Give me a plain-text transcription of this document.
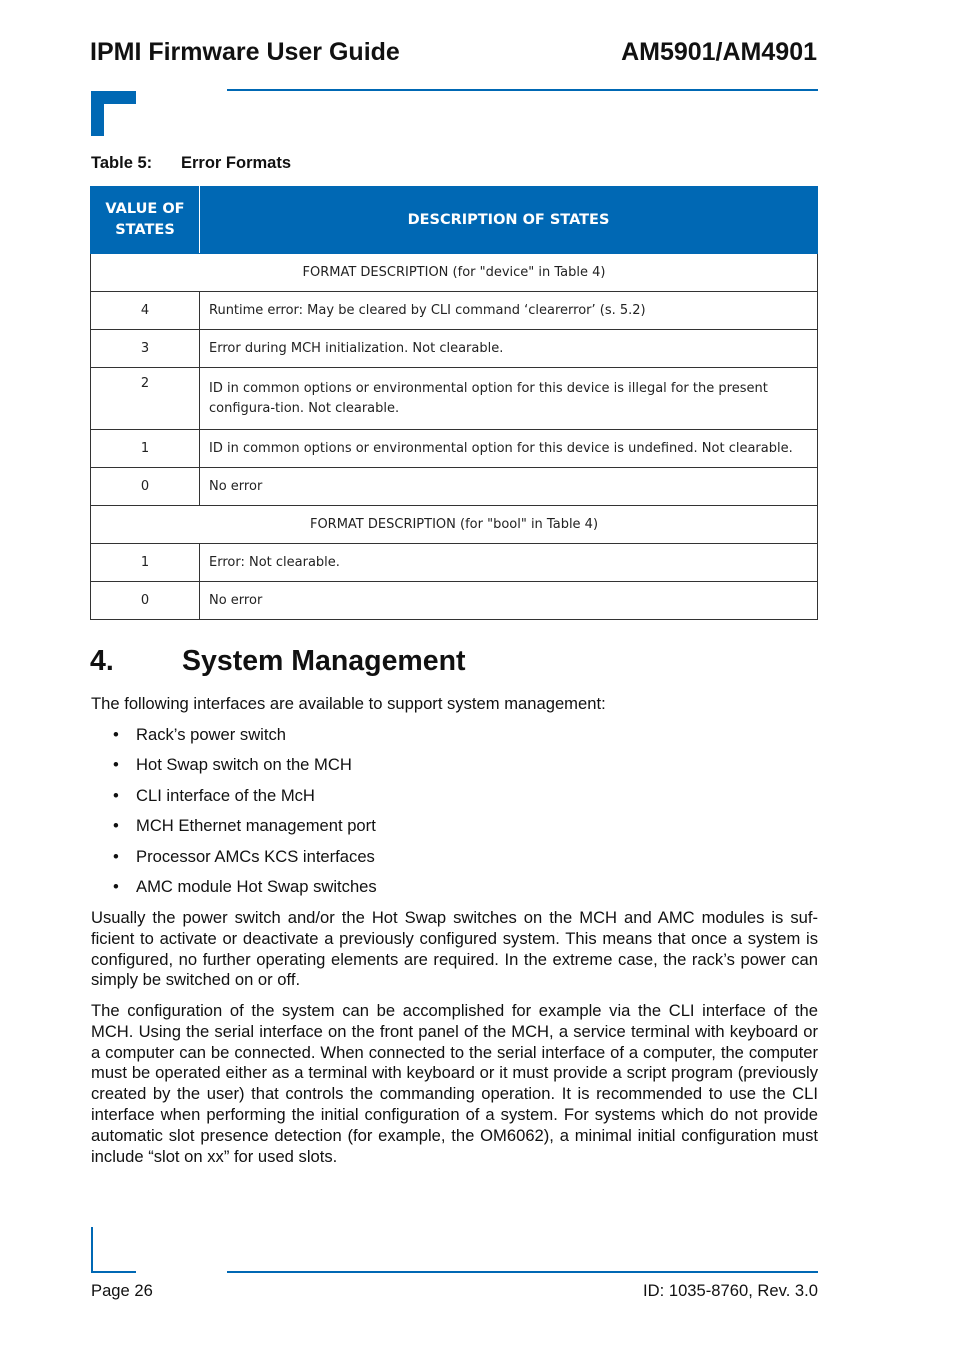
IPMI Firmware User Guide	AM5901/AM4901
Table 5: Error Formats
VALUE OF STATES	DESCRIPTION OF STATES
FORMAT DESCRIPTION (for "device" in Table 4)	
4	Runtime error: May be cleared by CLI command ‘clearerror’ (s. 5.2)
3	Error during MCH initialization. Not clearable.
2	ID in common options or environmental option for this device is illegal for the present configura-tion. Not clearable.
1	ID in common options or environmental option for this device is undefined. Not clearable.
0	No error
FORMAT DESCRIPTION (for "bool" in Table 4)	
1	Error: Not clearable.
0	No error
4. System Management
The following interfaces are available to support system management:
• Rack’s power switch
• Hot Swap switch on the MCH
• CLI interface of the McH
• MCH Ethernet management port
• Processor AMCs KCS interfaces
• AMC module Hot Swap switches
Usually the power switch and/or the Hot Swap switches on the MCH and AMC modules is suf-ficient to activate or deactivate a previously configured system. This means that once a system is configured, no further operating elements are required. In the extreme case, the rack’s power can simply be switched on or off.
The configuration of the system can be accomplished for example via the CLI interface of the MCH. Using the serial interface on the front panel of the MCH, a service terminal with keyboard or a computer can be connected. When connected to the serial interface of a computer, the computer must be operated either as a terminal with keyboard or it must provide a script program (previously created by the user) that controls the commanding operation. It is recommended to use the CLI interface when performing the initial configuration of a system. For systems which do not provide automatic slot presence detection (for example, the OM6062), a minimal initial configuration must include “slot on xx” for used slots.
Page 26	ID: 1035-8760, Rev. 3.0
